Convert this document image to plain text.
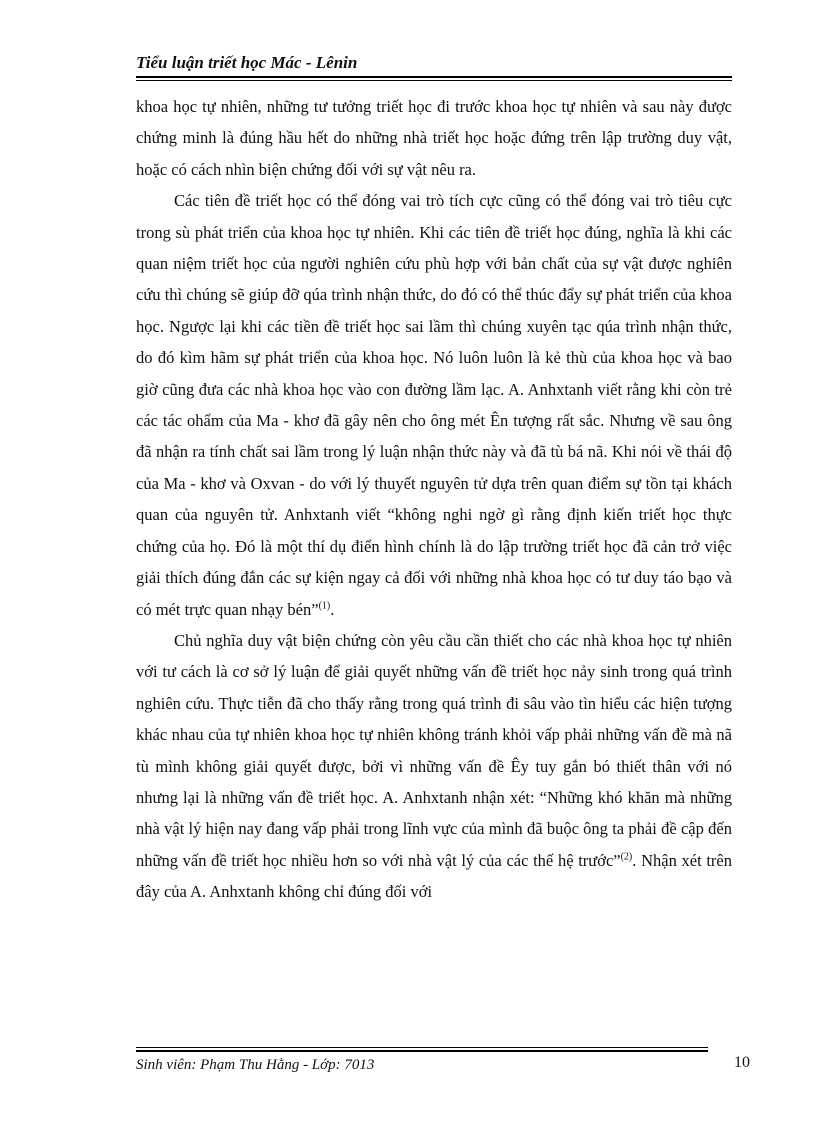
Tiểu luận triết học Mác - Lênin

khoa học tự nhiên, những tư tưởng triết học đi trước khoa học tự nhiên và sau này được chứng minh là đúng hầu hết do những nhà triết học hoặc đứng trên lập trường duy vật, hoặc có cách nhìn biện chứng đối với sự vật nêu ra.

Các tiên đề triết học có thể đóng vai trò tích cực cũng có thể đóng vai trò tiêu cực trong sù phát triển của khoa học tự nhiên. Khi các tiên đề triết học đúng, nghĩa là khi các quan niệm triết học của người nghiên cứu phù hợp với bản chất của sự vật được nghiên cứu thì chúng sẽ giúp đỡ qúa trình nhận thức, do đó có thể thúc đẩy sự phát triển của khoa học. Ngược lại khi các tiền đề triết học sai lầm thì chúng xuyên tạc qúa trình nhận thức, do đó kìm hãm sự phát triển của khoa học. Nó luôn luôn là kẻ thù của khoa học và bao giờ cũng đưa các nhà khoa học vào con đường lầm lạc. A. Anhxtanh viết rằng khi còn trẻ các tác ohẩm của Ma - khơ đã gây nên cho ông mét Ên tượng rất sắc. Nhưng về sau ông đã nhận ra tính chất sai lầm trong lý luận nhận thức này và đã tù bá nã. Khi nói về thái độ của Ma - khơ và Oxvan - do với lý thuyết nguyên tử dựa trên quan điểm sự tồn tại khách quan của nguyên tử. Anhxtanh viết “không nghi ngờ gì rằng định kiến triết học thực chứng của họ. Đó là một thí dụ điển hình chính là do lập trường triết học đã cản trở việc giải thích đúng đắn các sự kiện ngay cả đối với những nhà khoa học có tư duy táo bạo và có mét trực quan nhạy bén”$^{(1)}$.

Chủ nghĩa duy vật biện chứng còn yêu cầu cần thiết cho các nhà khoa học tự nhiên với tư cách là cơ sở lý luận để giải quyết những vấn đề triết học nảy sinh trong quá trình nghiên cứu. Thực tiễn đã cho thấy rằng trong quá trình đi sâu vào tìn hiểu các hiện tượng khác nhau của tự nhiên khoa học tự nhiên không tránh khỏi vấp phải những vấn đề mà nã tù mình không giải quyết được, bởi vì những vấn đề Êy tuy gắn bó thiết thân với nó nhưng lại là những vấn đề triết học. A. Anhxtanh nhận xét: “Những khó khăn mà những nhà vật lý hiện nay đang vấp phải trong lĩnh vực của mình đã buộc ông ta phải đề cập đến những vấn đề triết học nhiều hơn so với nhà vật lý của các thế hệ trước”$^{(2)}$. Nhận xét trên đây của A. Anhxtanh không chỉ đúng đối với

Sinh viên: Phạm Thu Hằng - Lớp: 7013	10
